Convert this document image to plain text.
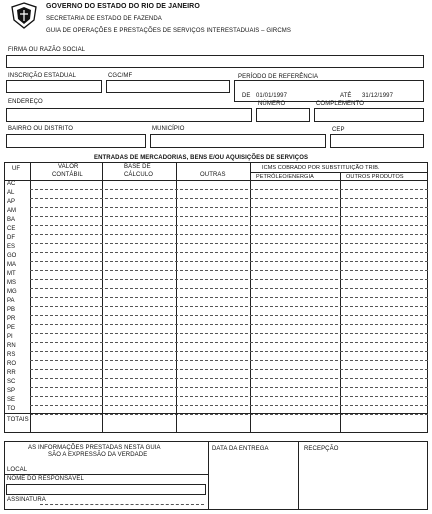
GOVERNO DO ESTADO DO RIO DE JANEIRO
SECRETARIA DE ESTADO DE FAZENDA
GUIA DE OPERAÇÕES E PRESTAÇÕES DE SERVIÇOS INTERESTADUAIS – GIRCMS
FIRMA OU RAZÃO SOCIAL
INSCRIÇÃO ESTADUAL	CGC/MF	PERÍODO DE REFERÊNCIA
DE 01/01/1997	ATÉ 31/12/1997
ENDEREÇO	NÚMERO	COMPLEMENTO
BAIRRO OU DISTRITO	MUNICÍPIO	CEP
ENTRADAS DE MERCADORIAS, BENS E/OU AQUISIÇÕES DE SERVIÇOS
UF	VALOR
CONTÁBIL
BASE DE
CÁLCULO	OUTRAS
ICMS COBRADO POR SUBSTITUIÇÃO TRIB.
PETRÓLEO/ENERGIA	OUTROS PRODUTOS
AC
AL
AP
AM
BA
CE
DF
ES
GO
MA
MT
MS
MG
PA
PB
PR
PE
PI
RN
RS
RO
RR
SC
SP
SE
TO
TOTAIS
AS INFORMAÇÕES PRESTADAS NESTA GUIA
SÃO A EXPRESSÃO DA VERDADE
DATA DA ENTREGA	RECEPÇÃO
LOCAL
NOME DO RESPONSÁVEL
ASSINATURA
